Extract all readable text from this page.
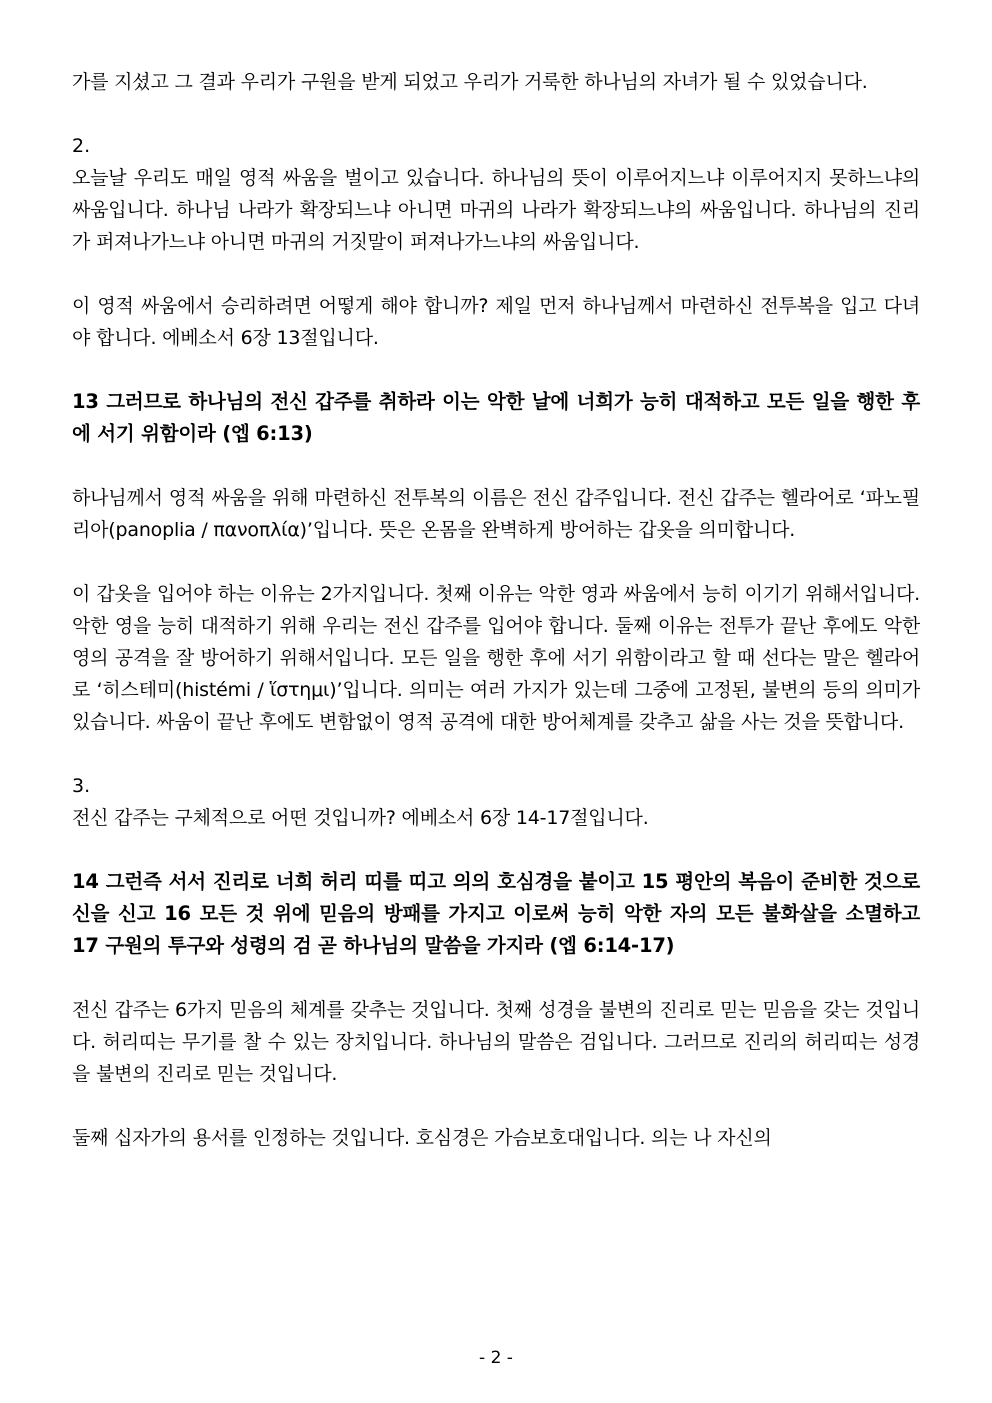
가를 지셨고 그 결과 우리가 구원을 받게 되었고 우리가 거룩한 하나님의 자녀가 될 수 있었습니다.

2.

오늘날 우리도 매일 영적 싸움을 벌이고 있습니다. 하나님의 뜻이 이루어지느냐 이루어지지 못하느냐의 싸움입니다. 하나님 나라가 확장되느냐 아니면 마귀의 나라가 확장되느냐의 싸움입니다. 하나님의 진리가 퍼져나가느냐 아니면 마귀의 거짓말이 퍼져나가느냐의 싸움입니다.

이 영적 싸움에서 승리하려면 어떻게 해야 합니까? 제일 먼저 하나님께서 마련하신 전투복을 입고 다녀야 합니다. 에베소서 6장 13절입니다.

13 그러므로 하나님의 전신 갑주를 취하라 이는 악한 날에 너희가 능히 대적하고 모든 일을 행한 후에 서기 위함이라 (엡 6:13)

하나님께서 영적 싸움을 위해 마련하신 전투복의 이름은 전신 갑주입니다. 전신 갑주는 헬라어로 ‘파노필리아(panoplia / πανοπλία)’입니다. 뜻은 온몸을 완벽하게 방어하는 갑옷을 의미합니다.

이 갑옷을 입어야 하는 이유는 2가지입니다. 첫째 이유는 악한 영과 싸움에서 능히 이기기 위해서입니다. 악한 영을 능히 대적하기 위해 우리는 전신 갑주를 입어야 합니다. 둘째 이유는 전투가 끝난 후에도 악한 영의 공격을 잘 방어하기 위해서입니다. 모든 일을 행한 후에 서기 위함이라고 할 때 선다는 말은 헬라어로 ‘히스테미(histémi / ἵστημι)’입니다. 의미는 여러 가지가 있는데 그중에 고정된, 불변의 등의 의미가 있습니다. 싸움이 끝난 후에도 변함없이 영적 공격에 대한 방어체계를 갖추고 삶을 사는 것을 뜻합니다.

3.

전신 갑주는 구체적으로 어떤 것입니까? 에베소서 6장 14-17절입니다.

14 그런즉 서서 진리로 너희 허리 띠를 띠고 의의 호심경을 붙이고 15 평안의 복음이 준비한 것으로 신을 신고 16 모든 것 위에 믿음의 방패를 가지고 이로써 능히 악한 자의 모든 불화살을 소멸하고 17 구원의 투구와 성령의 검 곧 하나님의 말씀을 가지라 (엡 6:14-17)

전신 갑주는 6가지 믿음의 체계를 갖추는 것입니다. 첫째 성경을 불변의 진리로 믿는 믿음을 갖는 것입니다. 허리띠는 무기를 찰 수 있는 장치입니다. 하나님의 말씀은 검입니다. 그러므로 진리의 허리띠는 성경을 불변의 진리로 믿는 것입니다.

둘째 십자가의 용서를 인정하는 것입니다. 호심경은 가슴보호대입니다. 의는 나 자신의

- 2 -
